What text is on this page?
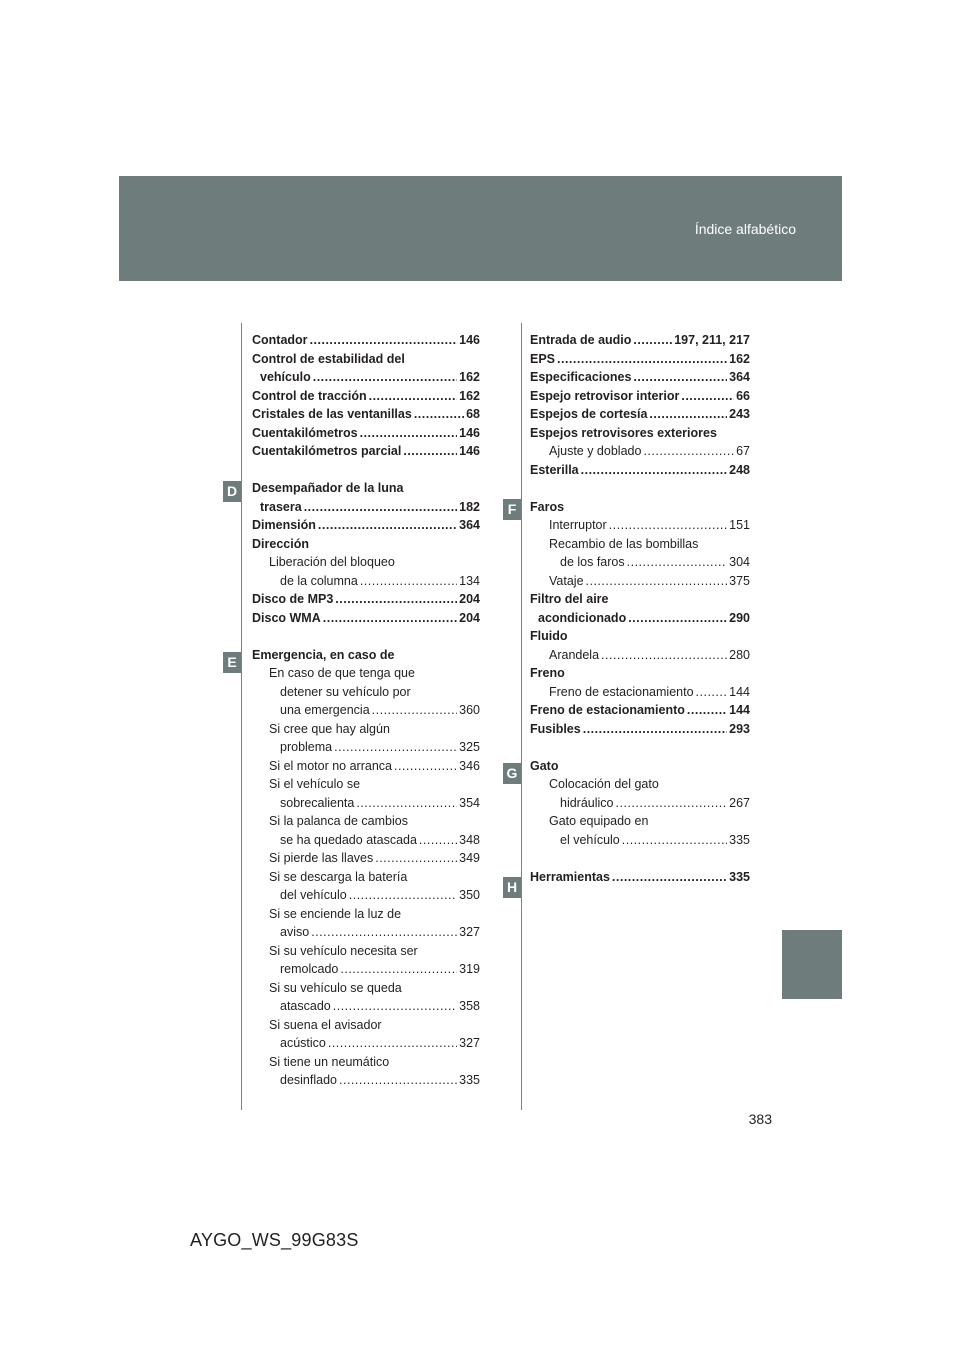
Índice alfabético
D
E
F
G
H
Contador .....	146
Control de estabilidad del
vehículo .....	162
Control de tracción .....	162
Cristales de las ventanillas .....	68
Cuentakilómetros .....	146
Cuentakilómetros parcial .....	146
Desempañador de la luna
trasera .....	182
Dimensión .....	364
Dirección
Liberación del bloqueo
de la columna .....	134
Disco de MP3 .....	204
Disco WMA .....	204
Emergencia, en caso de
En caso de que tenga que
detener su vehículo por
una emergencia .....	360
Si cree que hay algún
problema .....	325
Si el motor no arranca .....	346
Si el vehículo se
sobrecalienta .....	354
Si la palanca de cambios
se ha quedado atascada .....	348
Si pierde las llaves .....	349
Si se descarga la batería
del vehículo .....	350
Si se enciende la luz de
aviso .....	327
Si su vehículo necesita ser
remolcado .....	319
Si su vehículo se queda
atascado .....	358
Si suena el avisador
acústico .....	327
Si tiene un neumático
desinflado .....	335
Entrada de audio .....	197, 211, 217
EPS .....	162
Especificaciones .....	364
Espejo retrovisor interior .....	66
Espejos de cortesía .....	243
Espejos retrovisores exteriores
Ajuste y doblado .....	67
Esterilla .....	248
Faros
Interruptor .....	151
Recambio de las bombillas
de los faros .....	304
Vataje .....	375
Filtro del aire
acondicionado .....	290
Fluido
Arandela .....	280
Freno
Freno de estacionamiento .....	144
Freno de estacionamiento .....	144
Fusibles .....	293
Gato
Colocación del gato
hidráulico .....	267
Gato equipado en
el vehículo .....	335
Herramientas .....	335
383
AYGO_WS_99G83S
